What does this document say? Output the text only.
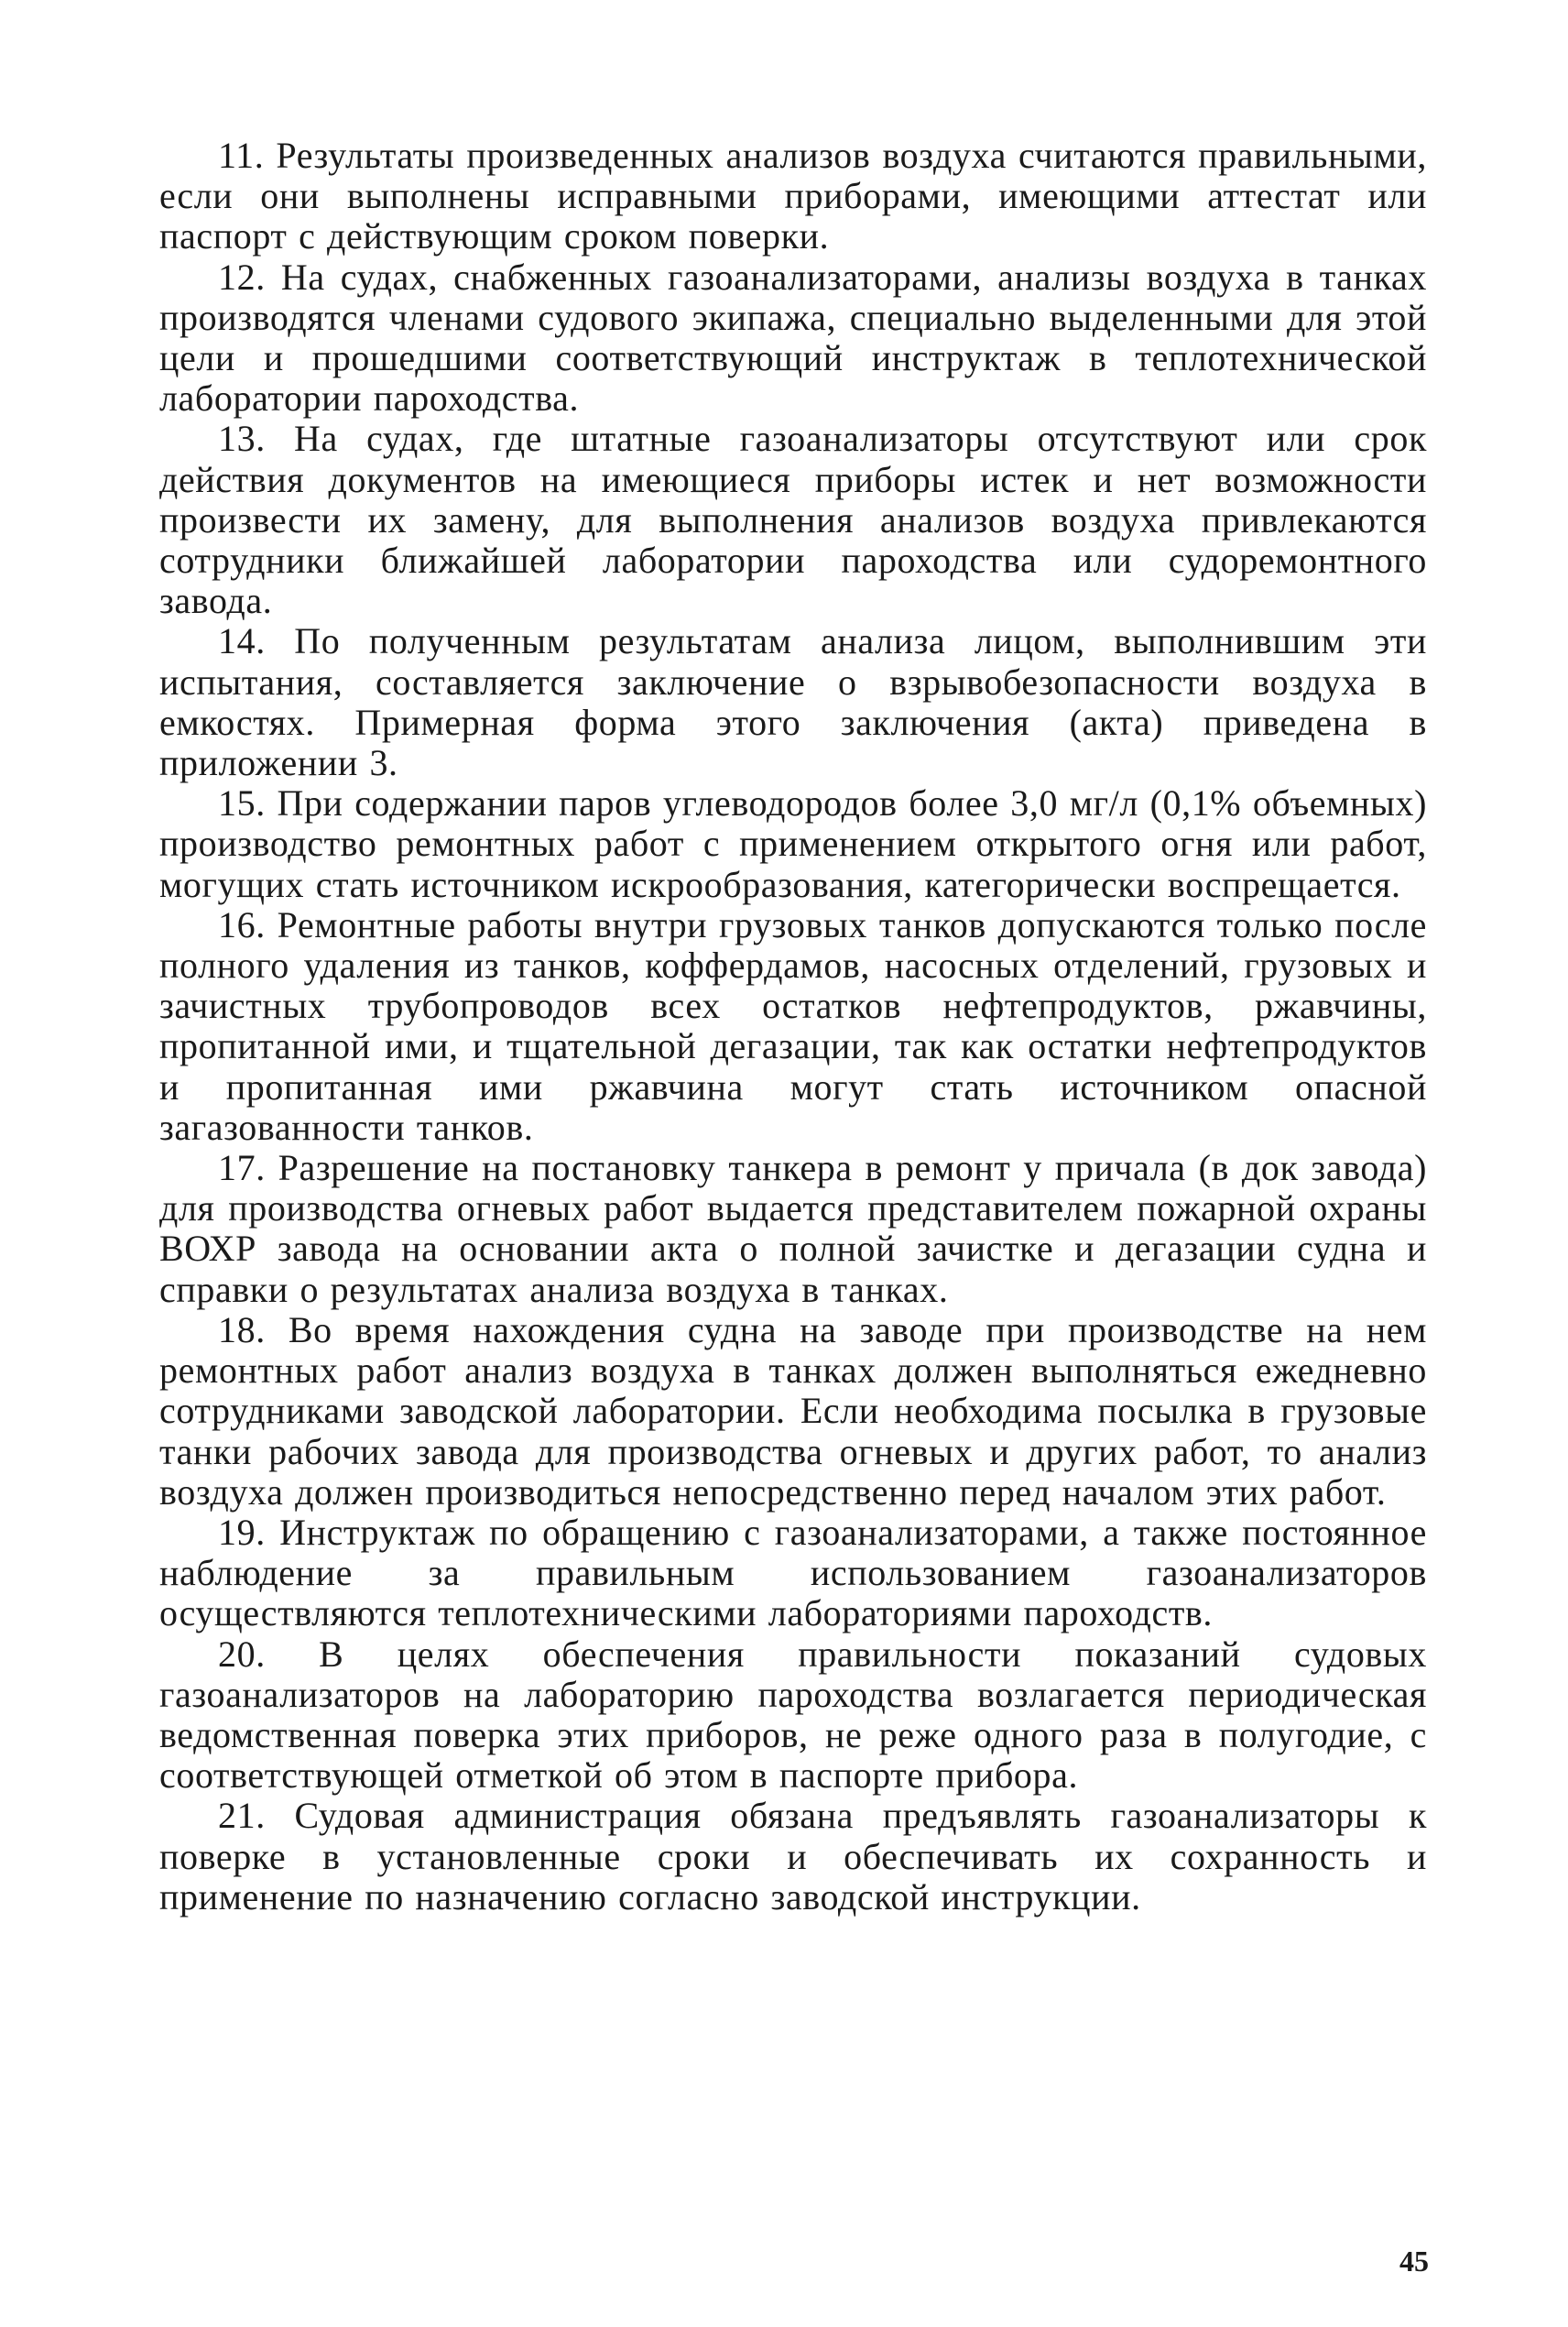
11. Результаты произведенных анализов воздуха считаются правильными, если они выполнены исправными приборами, имеющими аттестат или паспорт с действующим сроком поверки.

12. На судах, снабженных газоанализаторами, анализы воздуха в танках производятся членами судового экипажа, специально выделенными для этой цели и прошедшими соответствующий инструктаж в теплотехнической лаборатории пароходства.

13. На судах, где штатные газоанализаторы отсутствуют или срок действия документов на имеющиеся приборы истек и нет возможности произвести их замену, для выполнения анализов воздуха привлекаются сотрудники ближайшей лаборатории пароходства или судоремонтного завода.

14. По полученным результатам анализа лицом, выполнившим эти испытания, составляется заключение о взрывобезопасности воздуха в емкостях. Примерная форма этого заключения (акта) приведена в приложении 3.

15. При содержании паров углеводородов более 3,0 мг/л (0,1% объемных) производство ремонтных работ с применением открытого огня или работ, могущих стать источником искрообразования, категорически воспрещается.

16. Ремонтные работы внутри грузовых танков допускаются только после полного удаления из танков, коффердамов, насосных отделений, грузовых и зачистных трубопроводов всех остатков нефтепродуктов, ржавчины, пропитанной ими, и тщательной дегазации, так как остатки нефтепродуктов и пропитанная ими ржавчина могут стать источником опасной загазованности танков.

17. Разрешение на постановку танкера в ремонт у причала (в док завода) для производства огневых работ выдается представителем пожарной охраны ВОХР завода на основании акта о полной зачистке и дегазации судна и справки о результатах анализа воздуха в танках.

18. Во время нахождения судна на заводе при производстве на нем ремонтных работ анализ воздуха в танках должен выполняться ежедневно сотрудниками заводской лаборатории. Если необходима посылка в грузовые танки рабочих завода для производства огневых и других работ, то анализ воздуха должен производиться непосредственно перед началом этих работ.

19. Инструктаж по обращению с газоанализаторами, а также постоянное наблюдение за правильным использованием газоанализаторов осуществляются теплотехническими лабораториями пароходств.

20. В целях обеспечения правильности показаний судовых газоанализаторов на лабораторию пароходства возлагается периодическая ведомственная поверка этих приборов, не реже одного раза в полугодие, с соответствующей отметкой об этом в паспорте прибора.

21. Судовая администрация обязана предъявлять газоанализаторы к поверке в установленные сроки и обеспечивать их сохранность и применение по назначению согласно заводской инструкции.

45
